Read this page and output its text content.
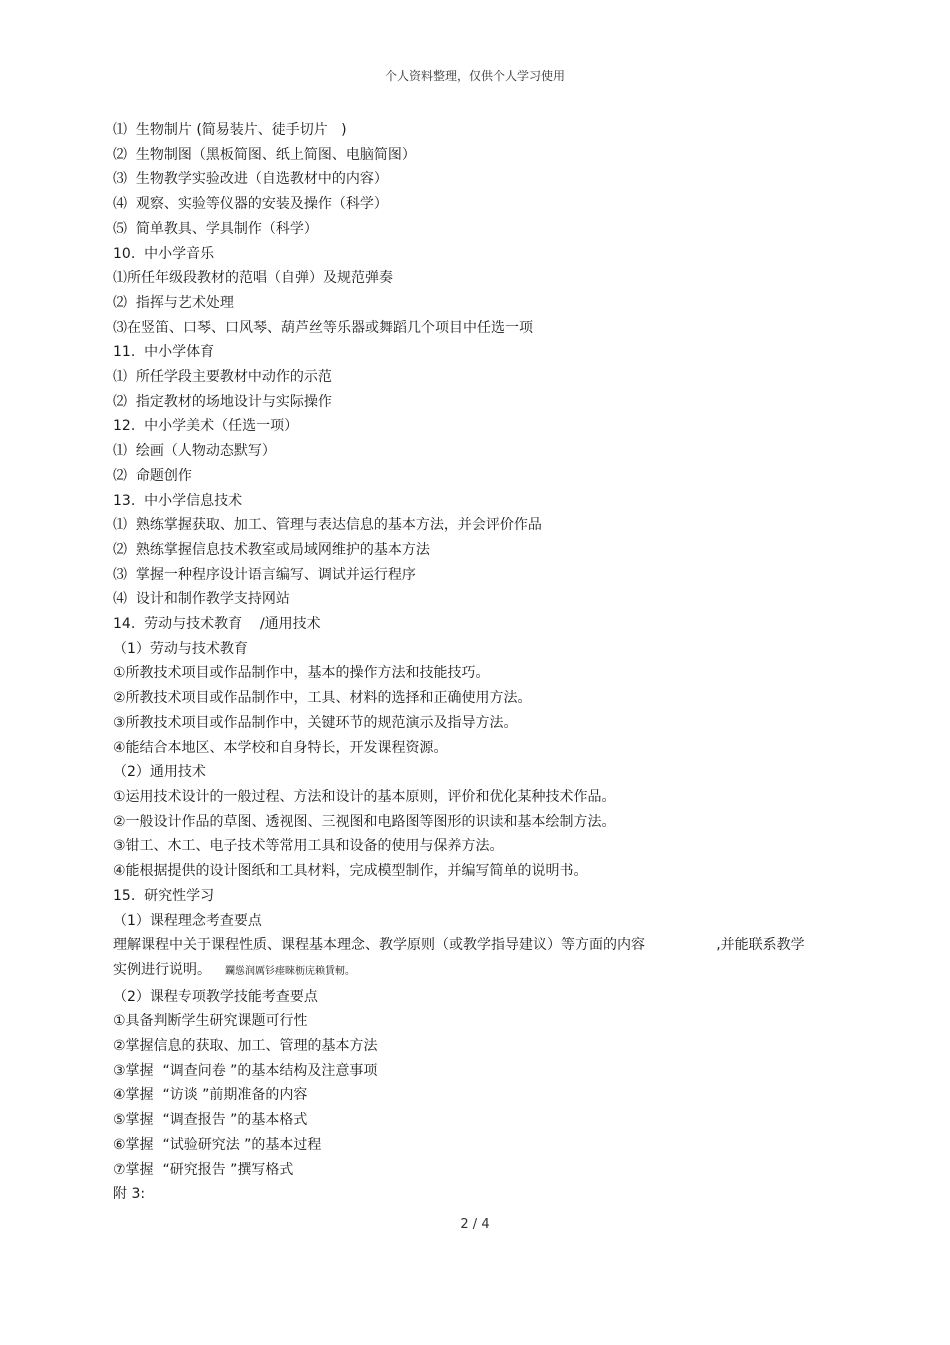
个人资料整理，仅供个人学习使用
⑴  生物制片 (简易装片、徒手切片   )
⑵  生物制图（黑板简图、纸上简图、电脑简图）
⑶  生物教学实验改进（自选教材中的内容）
⑷  观察、实验等仪器的安装及操作（科学）
⑸  简单教具、学具制作（科学）
10.  中小学音乐
⑴所任年级段教材的范唱（自弹）及规范弹奏
⑵  指挥与艺术处理
⑶在竖笛、口琴、口风琴、葫芦丝等乐器或舞蹈几个项目中任选一项
11.  中小学体育
⑴  所任学段主要教材中动作的示范
⑵  指定教材的场地设计与实际操作
12.  中小学美术（任选一项）
⑴  绘画（人物动态默写）
⑵  命题创作
13.  中小学信息技术
⑴  熟练掌握获取、加工、管理与表达信息的基本方法，并会评价作品
⑵  熟练掌握信息技术教室或局域网维护的基本方法
⑶  掌握一种程序设计语言编写、调试并运行程序
⑷  设计和制作教学支持网站
14.  劳动与技术教育    /通用技术
（1）劳动与技术教育
①所教技术项目或作品制作中，基本的操作方法和技能技巧。
②所教技术项目或作品制作中，工具、材料的选择和正确使用方法。
③所教技术项目或作品制作中，关键环节的规范演示及指导方法。
④能结合本地区、本学校和自身特长，开发课程资源。
（2）通用技术
①运用技术设计的一般过程、方法和设计的基本原则，评价和优化某种技术作品。
②一般设计作品的草图、透视图、三视图和电路图等图形的识读和基本绘制方法。
③钳工、木工、电子技术等常用工具和设备的使用与保养方法。
④能根据提供的设计图纸和工具材料，完成模型制作，并编写简单的说明书。
15.  研究性学习
（1）课程理念考查要点
理解课程中关于课程性质、课程基本理念、教学原则（或教学指导建议）等方面的内容                ,并能联系教学
实例进行说明。 鑭慫润厲钐瘗睞枥庑赖賃軔。
（2）课程专项教学技能考查要点
①具备判断学生研究课题可行性
②掌握信息的获取、加工、管理的基本方法
③掌握  “调查问卷 ”的基本结构及注意事项
④掌握  “访谈 ”前期准备的内容
⑤掌握  “调查报告 ”的基本格式
⑥掌握  “试验研究法 ”的基本过程
⑦掌握  “研究报告 ”撰写格式
附 3:
2 / 4
